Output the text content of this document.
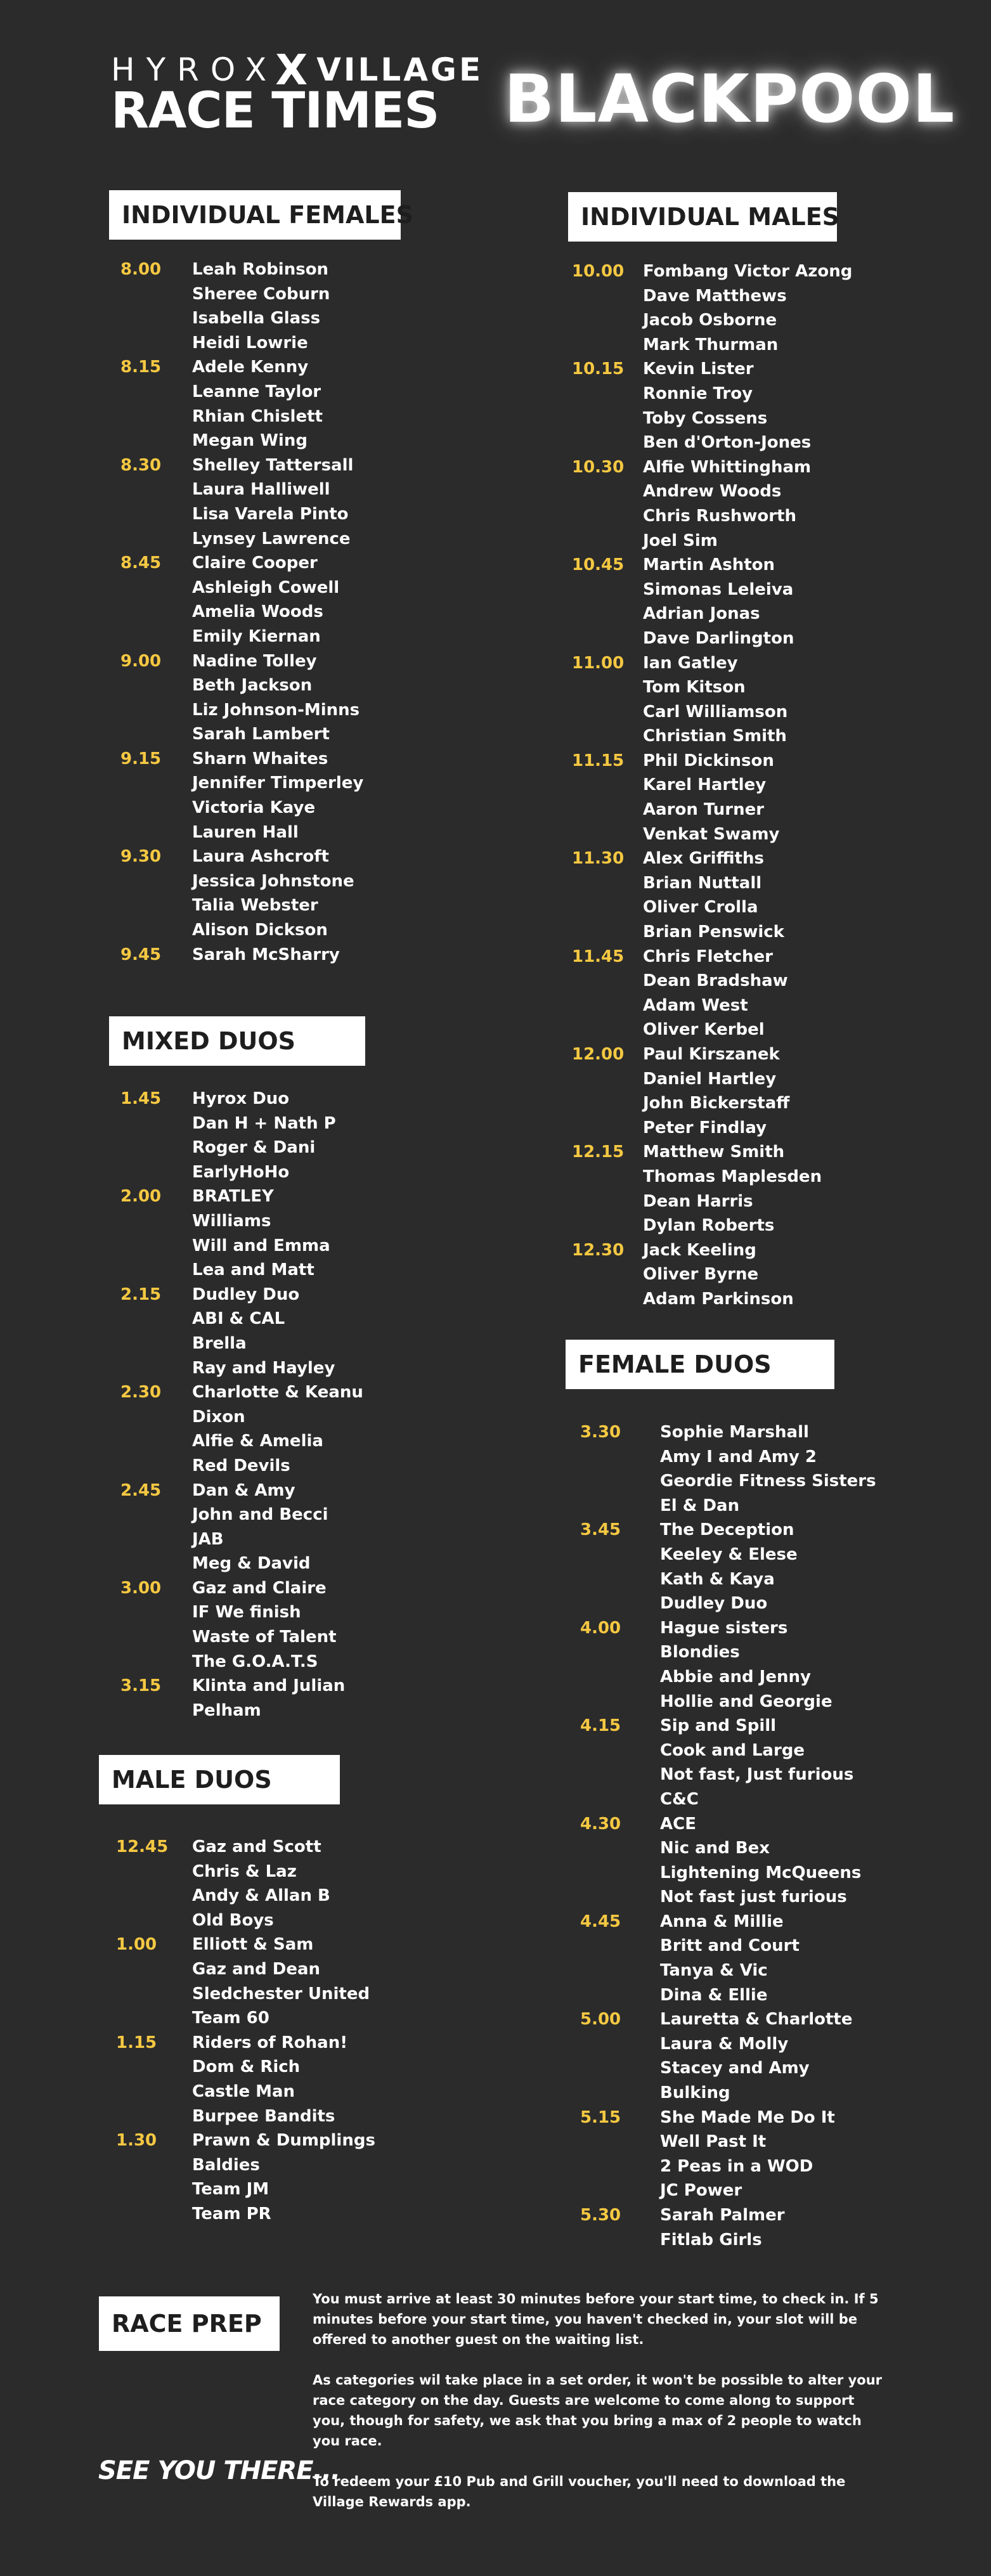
HYROXX VILLAGE
RACE TIMES BLACKPOOL
INDIVIDUAL FEMALES	INDIVIDUAL MALES
MIXED DUOS
MALE DUOS
FEMALE DUOS
RACE PREP
8.00 Leah Robinson
Sheree Coburn
Isabella Glass
Heidi Lowrie
8.15 Adele Kenny
Leanne Taylor
Rhian Chislett
Megan Wing
8.30 Shelley Tattersall
Laura Halliwell
Lisa Varela Pinto
Lynsey Lawrence
8.45 Claire Cooper
Ashleigh Cowell
Amelia Woods
Emily Kiernan
9.00 Nadine Tolley
Beth Jackson
Liz Johnson-Minns
Sarah Lambert
9.15 Sharn Whaites
Jennifer Timperley
Victoria Kaye
Lauren Hall
9.30 Laura Ashcroft
Jessica Johnstone
Talia Webster
Alison Dickson
9.45 Sarah McSharry
10.00 Fombang Victor Azong
Dave Matthews
Jacob Osborne
Mark Thurman
10.15 Kevin Lister
Ronnie Troy
Toby Cossens
Ben d'Orton-Jones
10.30 Alfie Whittingham
Andrew Woods
Chris Rushworth
Joel Sim
10.45 Martin Ashton
Simonas Leleiva
Adrian Jonas
Dave Darlington
11.00 Ian Gatley
Tom Kitson
Carl Williamson
Christian Smith
11.15 Phil Dickinson
Karel Hartley
Aaron Turner
Venkat Swamy
11.30 Alex Griffiths
Brian Nuttall
Oliver Crolla
Brian Penswick
11.45 Chris Fletcher
Dean Bradshaw
Adam West
Oliver Kerbel
12.00 Paul Kirszanek
Daniel Hartley
John Bickerstaff
Peter Findlay
12.15 Matthew Smith
Thomas Maplesden
Dean Harris
Dylan Roberts
12.30 Jack Keeling
Oliver Byrne
Adam Parkinson
1.45 Hyrox Duo
Dan H + Nath P
Roger & Dani
EarlyHoHo
2.00 BRATLEY
Williams
Will and Emma
Lea and Matt
2.15 Dudley Duo
ABI & CAL
Brella
Ray and Hayley
2.30 Charlotte & Keanu
Dixon
Alfie & Amelia
Red Devils
2.45 Dan & Amy
John and Becci
JAB
Meg & David
3.00 Gaz and Claire
IF We finish
Waste of Talent
The G.O.A.T.S
3.15 Klinta and Julian
Pelham
12.45 Gaz and Scott
Chris & Laz
Andy & Allan B
Old Boys
1.00 Elliott & Sam
Gaz and Dean
Sledchester United
Team 60
1.15 Riders of Rohan!
Dom & Rich
Castle Man
Burpee Bandits
1.30 Prawn & Dumplings
Baldies
Team JM
Team PR
3.30 Sophie Marshall
Amy I and Amy 2
Geordie Fitness Sisters
El & Dan
3.45 The Deception
Keeley & Elese
Kath & Kaya
Dudley Duo
4.00 Hague sisters
Blondies
Abbie and Jenny
Hollie and Georgie
4.15 Sip and Spill
Cook and Large
Not fast, Just furious
C&C
4.30 ACE
Nic and Bex
Lightening McQueens
Not fast just furious
4.45 Anna & Millie
Britt and Court
Tanya & Vic
Dina & Ellie
5.00 Lauretta & Charlotte
Laura & Molly
Stacey and Amy
Bulking
5.15 She Made Me Do It
Well Past It
2 Peas in a WOD
JC Power
5.30 Sarah Palmer
Fitlab Girls

You must arrive at least 30 minutes before your start time, to check in. If 5 minutes before your start time, you haven't checked in, your slot will be offered to another guest on the waiting list.

As categories wil take place in a set order, it won't be possible to alter your race category on the day. Guests are welcome to come along to support you, though for safety, we ask that you bring a max of 2 people to watch you race.

To redeem your £10 Pub and Grill voucher, you'll need to download the Village Rewards app.

SEE YOU THERE...
